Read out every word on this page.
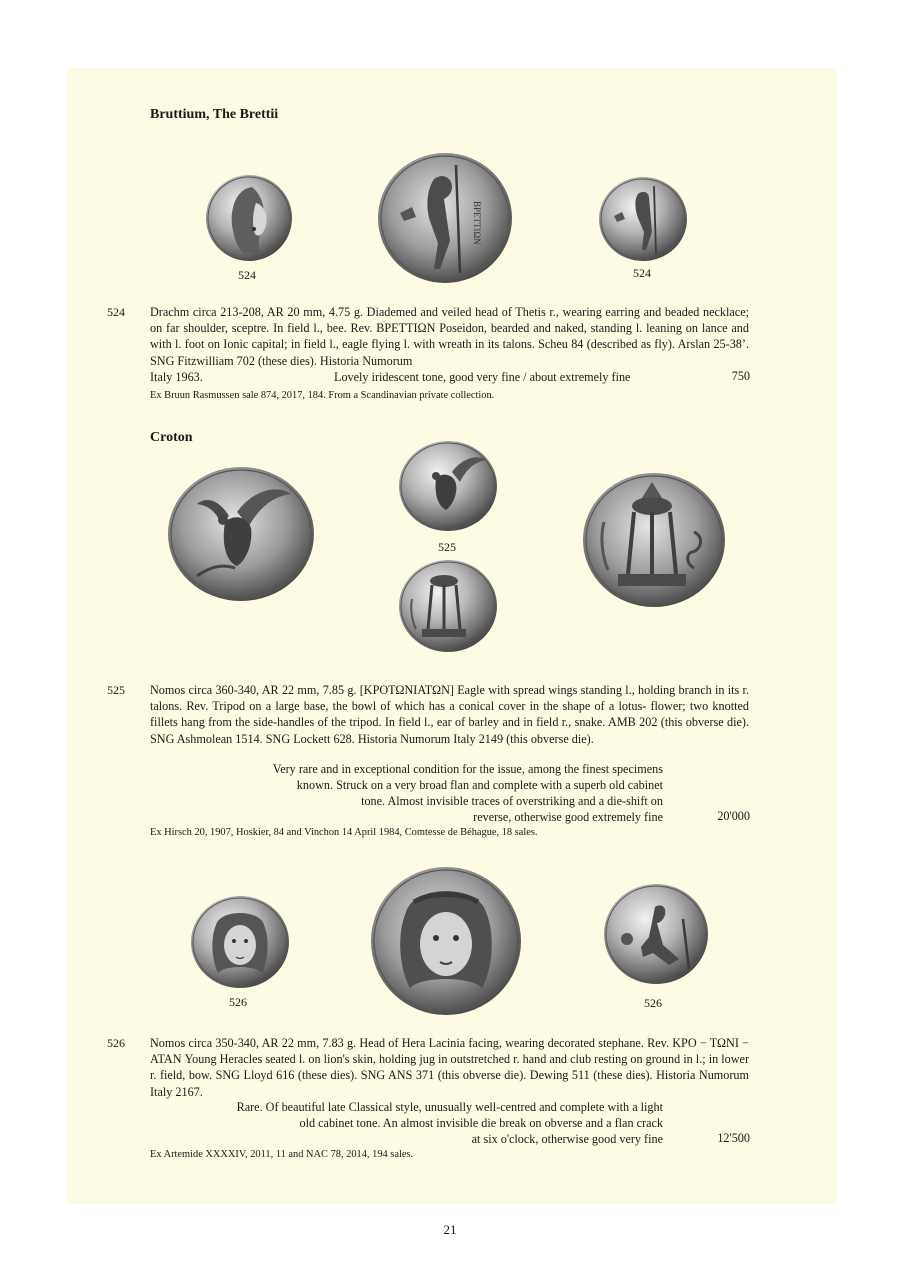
Bruttium, The Brettii
ΒΡΕΤΤΙΩΝ
524	524
524 Drachm circa 213-208, AR 20 mm, 4.75 g. Diademed and veiled head of Thetis r., wearing earring and beaded necklace; on far shoulder, sceptre. In field l., bee. Rev. ΒΡΕΤΤΙΩΝ Poseidon, bearded and naked, standing l. leaning on lance and with l. foot on Ionic capital; in field l., eagle flying l. with wreath in its talons. Scheu 84 (described as fly). Arslan 25-38’. SNG Fitzwilliam 702 (these dies). Historia Numorum
Italy 1963.	Lovely iridescent tone, good very fine / about extremely fine	750
Ex Bruun Rasmussen sale 874, 2017, 184. From a Scandinavian private collection.
Croton
525
525 Nomos circa 360-340, AR 22 mm, 7.85 g. [ΚΡΟΤΩΝΙΑΤΩΝ] Eagle with spread wings standing l., holding branch in its r. talons. Rev. Tripod on a large base, the bowl of which has a conical cover in the shape of a lotus- flower; two knotted fillets hang from the side-handles of the tripod. In field l., ear of barley and in field r., snake. AMB 202 (this obverse die). SNG Ashmolean 1514. SNG Lockett 628. Historia Numorum Italy 2149 (this obverse die).
Very rare and in exceptional condition for the issue, among the finest specimens
known. Struck on a very broad flan and complete with a superb old cabinet
tone. Almost invisible traces of overstriking and a die-shift on
reverse, otherwise good extremely fine	20'000
Ex Hirsch 20, 1907, Hoskier, 84 and Vinchon 14 April 1984, Comtesse de Béhague, 18 sales.
526	526
526 Nomos circa 350-340, AR 22 mm, 7.83 g. Head of Hera Lacinia facing, wearing decorated stephane. Rev. ΚΡΟ − ΤΩΝΙ − ΑΤΑΝ Young Heracles seated l. on lion's skin, holding jug in outstretched r. hand and club resting on ground in l.; in lower r. field, bow. SNG Lloyd 616 (these dies). SNG ANS 371 (this obverse die). Dewing 511 (these dies). Historia Numorum Italy 2167.
Rare. Of beautiful late Classical style, unusually well-centred and complete with a light
old cabinet tone. An almost invisible die break on obverse and a flan crack
at six o'clock, otherwise good very fine	12'500
Ex Artemide XXXXIV, 2011, 11 and NAC 78, 2014, 194 sales.
21
